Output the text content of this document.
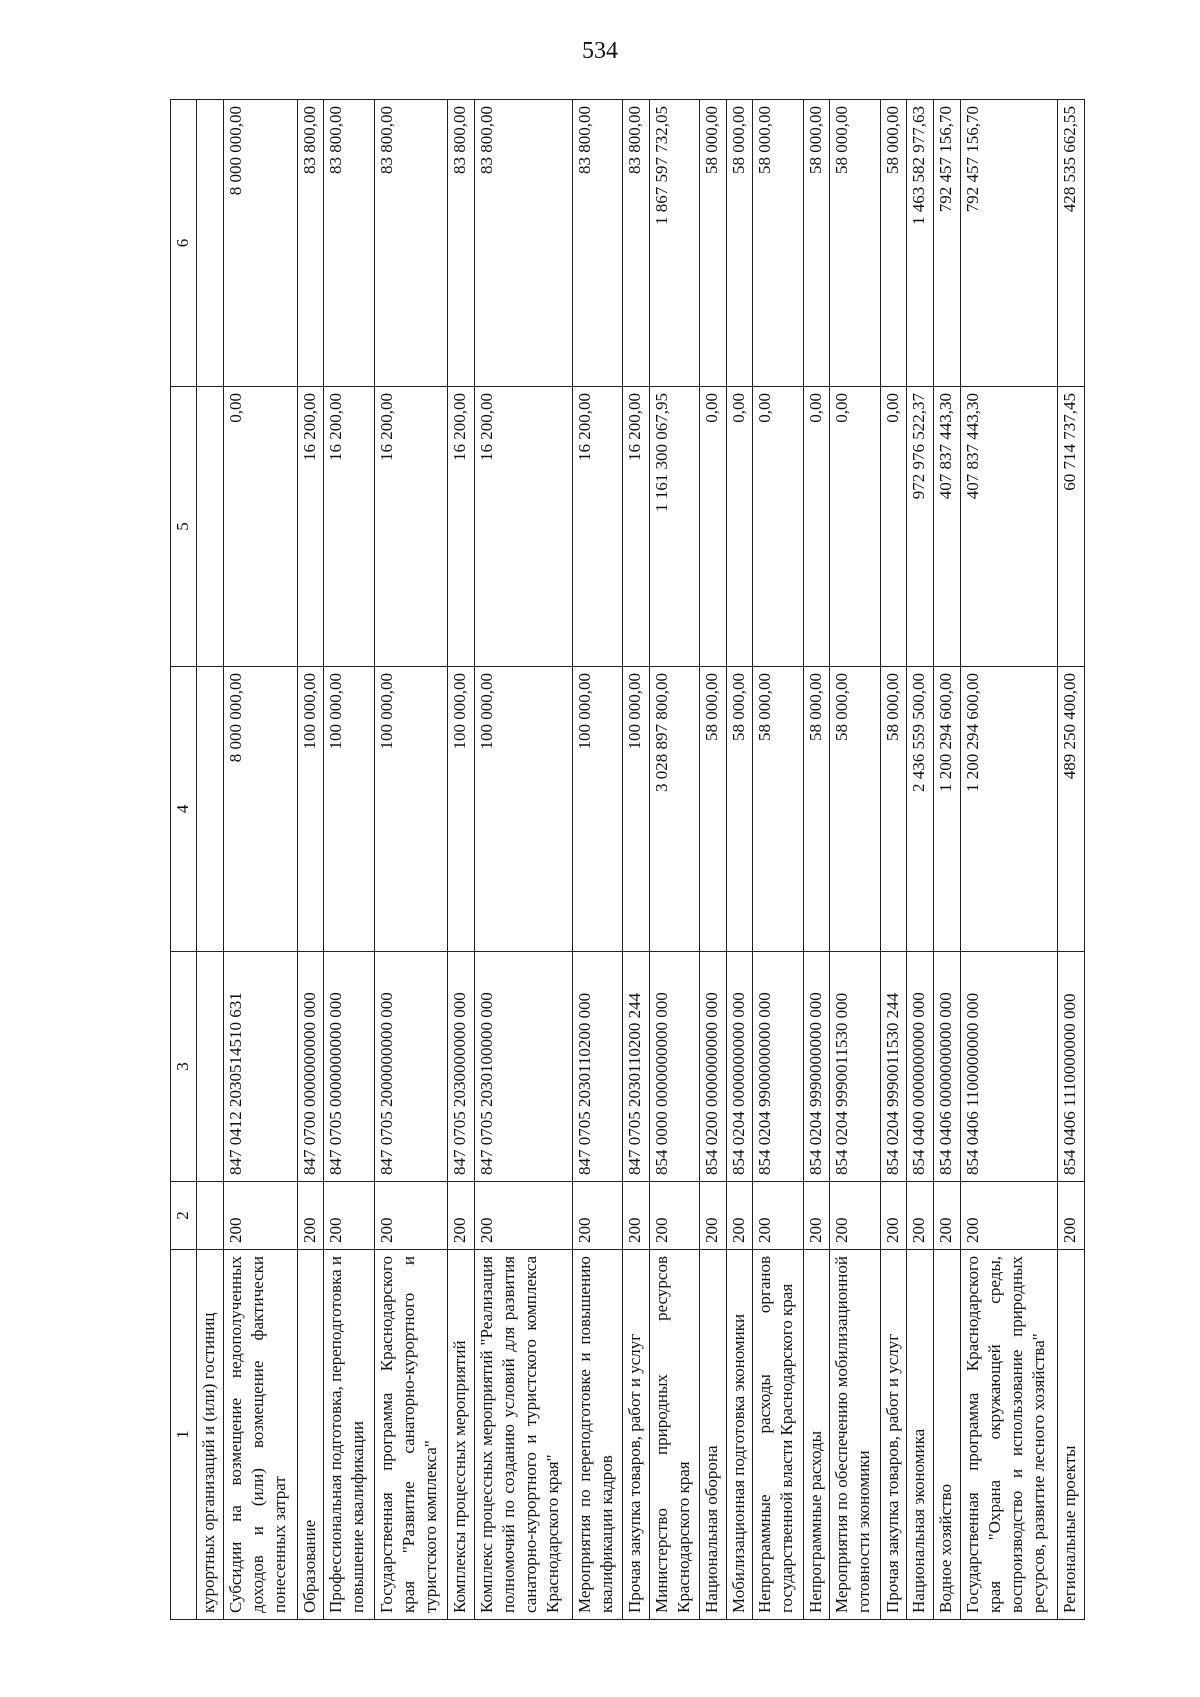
534
1	2	3	4	5	6
курортных организаций и (или) гостиниц					
Субсидии на возмещение недополученных доходов и (или) возмещение фактически понесенных затрат	200	847 0412 2030514510 631	8 000 000,00	0,00	8 000 000,00
Образование	200	847 0700 0000000000 000	100 000,00	16 200,00	83 800,00
Профессиональная подготовка, переподготовка и повышение квалификации	200	847 0705 0000000000 000	100 000,00	16 200,00	83 800,00
Государственная программа Краснодарского края "Развитие санаторно-курортного и туристского комплекса"	200	847 0705 2000000000 000	100 000,00	16 200,00	83 800,00
Комплексы процессных мероприятий	200	847 0705 2030000000 000	100 000,00	16 200,00	83 800,00
Комплекс процессных мероприятий "Реализация полномочий по созданию условий для развития санаторно-курортного и туристского комплекса Краснодарского края"	200	847 0705 2030100000 000	100 000,00	16 200,00	83 800,00
Мероприятия по переподготовке и повышению квалификации кадров	200	847 0705 2030110200 000	100 000,00	16 200,00	83 800,00
Прочая закупка товаров, работ и услуг	200	847 0705 2030110200 244	100 000,00	16 200,00	83 800,00
Министерство природных ресурсов Краснодарского края	200	854 0000 0000000000 000	3 028 897 800,00	1 161 300 067,95	1 867 597 732,05
Национальная оборона	200	854 0200 0000000000 000	58 000,00	0,00	58 000,00
Мобилизационная подготовка экономики	200	854 0204 0000000000 000	58 000,00	0,00	58 000,00
Непрограммные расходы органов государственной власти Краснодарского края	200	854 0204 9900000000 000	58 000,00	0,00	58 000,00
Непрограммные расходы	200	854 0204 9990000000 000	58 000,00	0,00	58 000,00
Мероприятия по обеспечению мобилизационной готовности экономики	200	854 0204 9990011530 000	58 000,00	0,00	58 000,00
Прочая закупка товаров, работ и услуг	200	854 0204 9990011530 244	58 000,00	0,00	58 000,00
Национальная экономика	200	854 0400 0000000000 000	2 436 559 500,00	972 976 522,37	1 463 582 977,63
Водное хозяйство	200	854 0406 0000000000 000	1 200 294 600,00	407 837 443,30	792 457 156,70
Государственная программа Краснодарского края "Охрана окружающей среды, воспроизводство и использование природных ресурсов, развитие лесного хозяйства"	200	854 0406 1100000000 000	1 200 294 600,00	407 837 443,30	792 457 156,70
Региональные проекты	200	854 0406 1110000000 000	489 250 400,00	60 714 737,45	428 535 662,55
